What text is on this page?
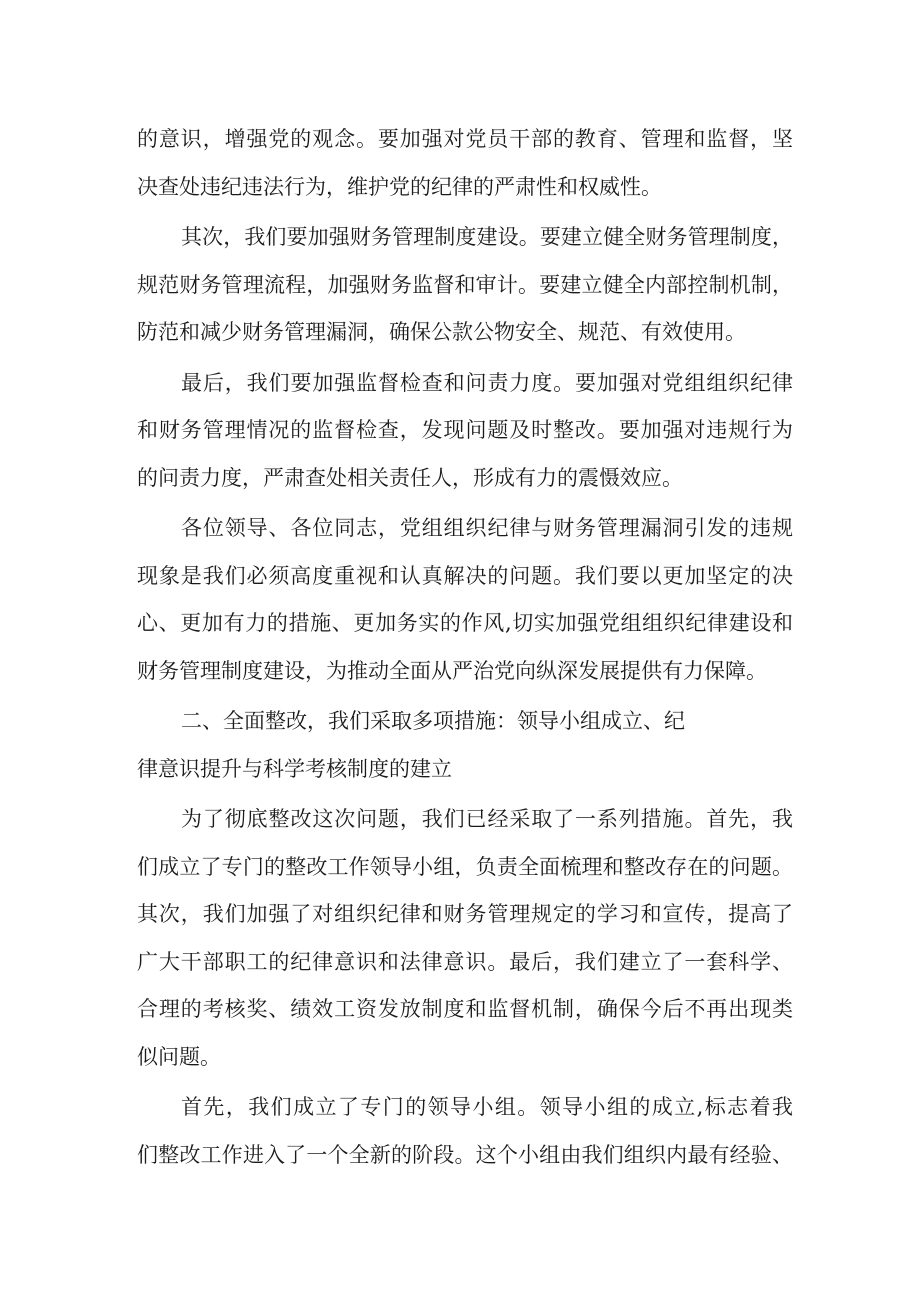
的意识，增强党的观念。要加强对党员干部的教育、管理和监督，坚
决查处违纪违法行为，维护党的纪律的严肃性和权威性。
其次，我们要加强财务管理制度建设。要建立健全财务管理制度，
规范财务管理流程，加强财务监督和审计。要建立健全内部控制机制，
防范和减少财务管理漏洞，确保公款公物安全、规范、有效使用。
最后，我们要加强监督检查和问责力度。要加强对党组组织纪律
和财务管理情况的监督检查，发现问题及时整改。要加强对违规行为
的问责力度，严肃查处相关责任人，形成有力的震慑效应。
各位领导、各位同志，党组组织纪律与财务管理漏洞引发的违规
现象是我们必须高度重视和认真解决的问题。我们要以更加坚定的决
心、更加有力的措施、更加务实的作风,切实加强党组组织纪律建设和
财务管理制度建设，为推动全面从严治党向纵深发展提供有力保障。
二、全面整改，我们采取多项措施：领导小组成立、纪
律意识提升与科学考核制度的建立
为了彻底整改这次问题，我们已经采取了一系列措施。首先，我
们成立了专门的整改工作领导小组，负责全面梳理和整改存在的问题。
其次，我们加强了对组织纪律和财务管理规定的学习和宣传，提高了
广大干部职工的纪律意识和法律意识。最后，我们建立了一套科学、
合理的考核奖、绩效工资发放制度和监督机制，确保今后不再出现类
似问题。
首先，我们成立了专门的领导小组。领导小组的成立,标志着我
们整改工作进入了一个全新的阶段。这个小组由我们组织内最有经验、
